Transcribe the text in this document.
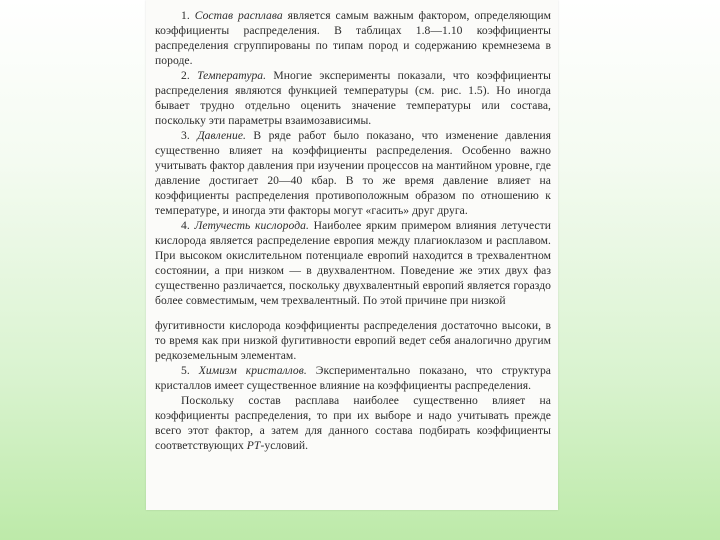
1. Состав расплава является самым важным фактором, определяющим коэффициенты распределения. В таблицах 1.8—1.10 коэффициенты распределения сгруппированы по типам пород и содержанию кремнезема в породе.

2. Температура. Многие эксперименты показали, что коэффициенты распределения являются функцией температуры (см. рис. 1.5). Но иногда бывает трудно отдельно оценить значение температуры или состава, поскольку эти параметры взаимозависимы.

3. Давление. В ряде работ было показано, что изменение давления существенно влияет на коэффициенты распределения. Особенно важно учитывать фактор давления при изучении процессов на мантийном уровне, где давление достигает 20—40 кбар. В то же время давление влияет на коэффициенты распределения противоположным образом по отношению к температуре, и иногда эти факторы могут «гасить» друг друга.

4. Летучесть кислорода. Наиболее ярким примером влияния летучести кислорода является распределение европия между плагиоклазом и расплавом. При высоком окислительном потенциале европий находится в трехвалентном состоянии, а при низком — в двухвалентном. Поведение же этих двух фаз существенно различается, поскольку двухвалентный европий является гораздо более совместимым, чем трехвалентный. По этой причине при низкой

фугитивности кислорода коэффициенты распределения достаточно высоки, в то время как при низкой фугитивности европий ведет себя аналогично другим редкоземельным элементам.

5. Химизм кристаллов. Экспериментально показано, что структура кристаллов имеет существенное влияние на коэффициенты распределения.

Поскольку состав расплава наиболее существенно влияет на коэффициенты распределения, то при их выборе и надо учитывать прежде всего этот фактор, а затем для данного состава подбирать коэффициенты соответствующих PT-условий.
